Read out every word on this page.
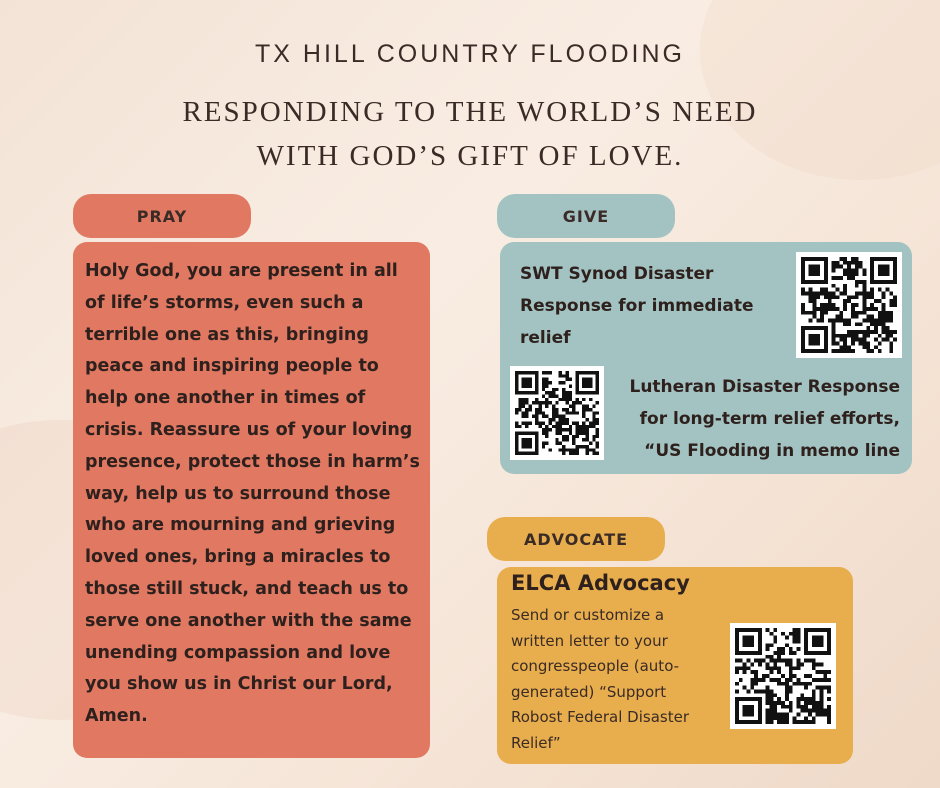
TX HILL COUNTRY FLOODING
RESPONDING TO THE WORLD’S NEED
WITH GOD’S GIFT OF LOVE.
PRAY	GIVE
ADVOCATE
Holy God, you are present in all of life’s storms, even such a terrible one as this, bringing peace and inspiring people to help one another in times of crisis. Reassure us of your loving presence, protect those in harm’s way, help us to surround those who are mourning and grieving loved ones, bring a miracles to those still stuck, and teach us to serve one another with the same unending compassion and love you show us in Christ our Lord, Amen.
SWT Synod Disaster Response for immediate relief
Lutheran Disaster Response for long-term relief efforts, “US Flooding in memo line
ELCA Advocacy
Send or customize a written letter to your congresspeople (auto-generated) “Support Robost Federal Disaster Relief”
